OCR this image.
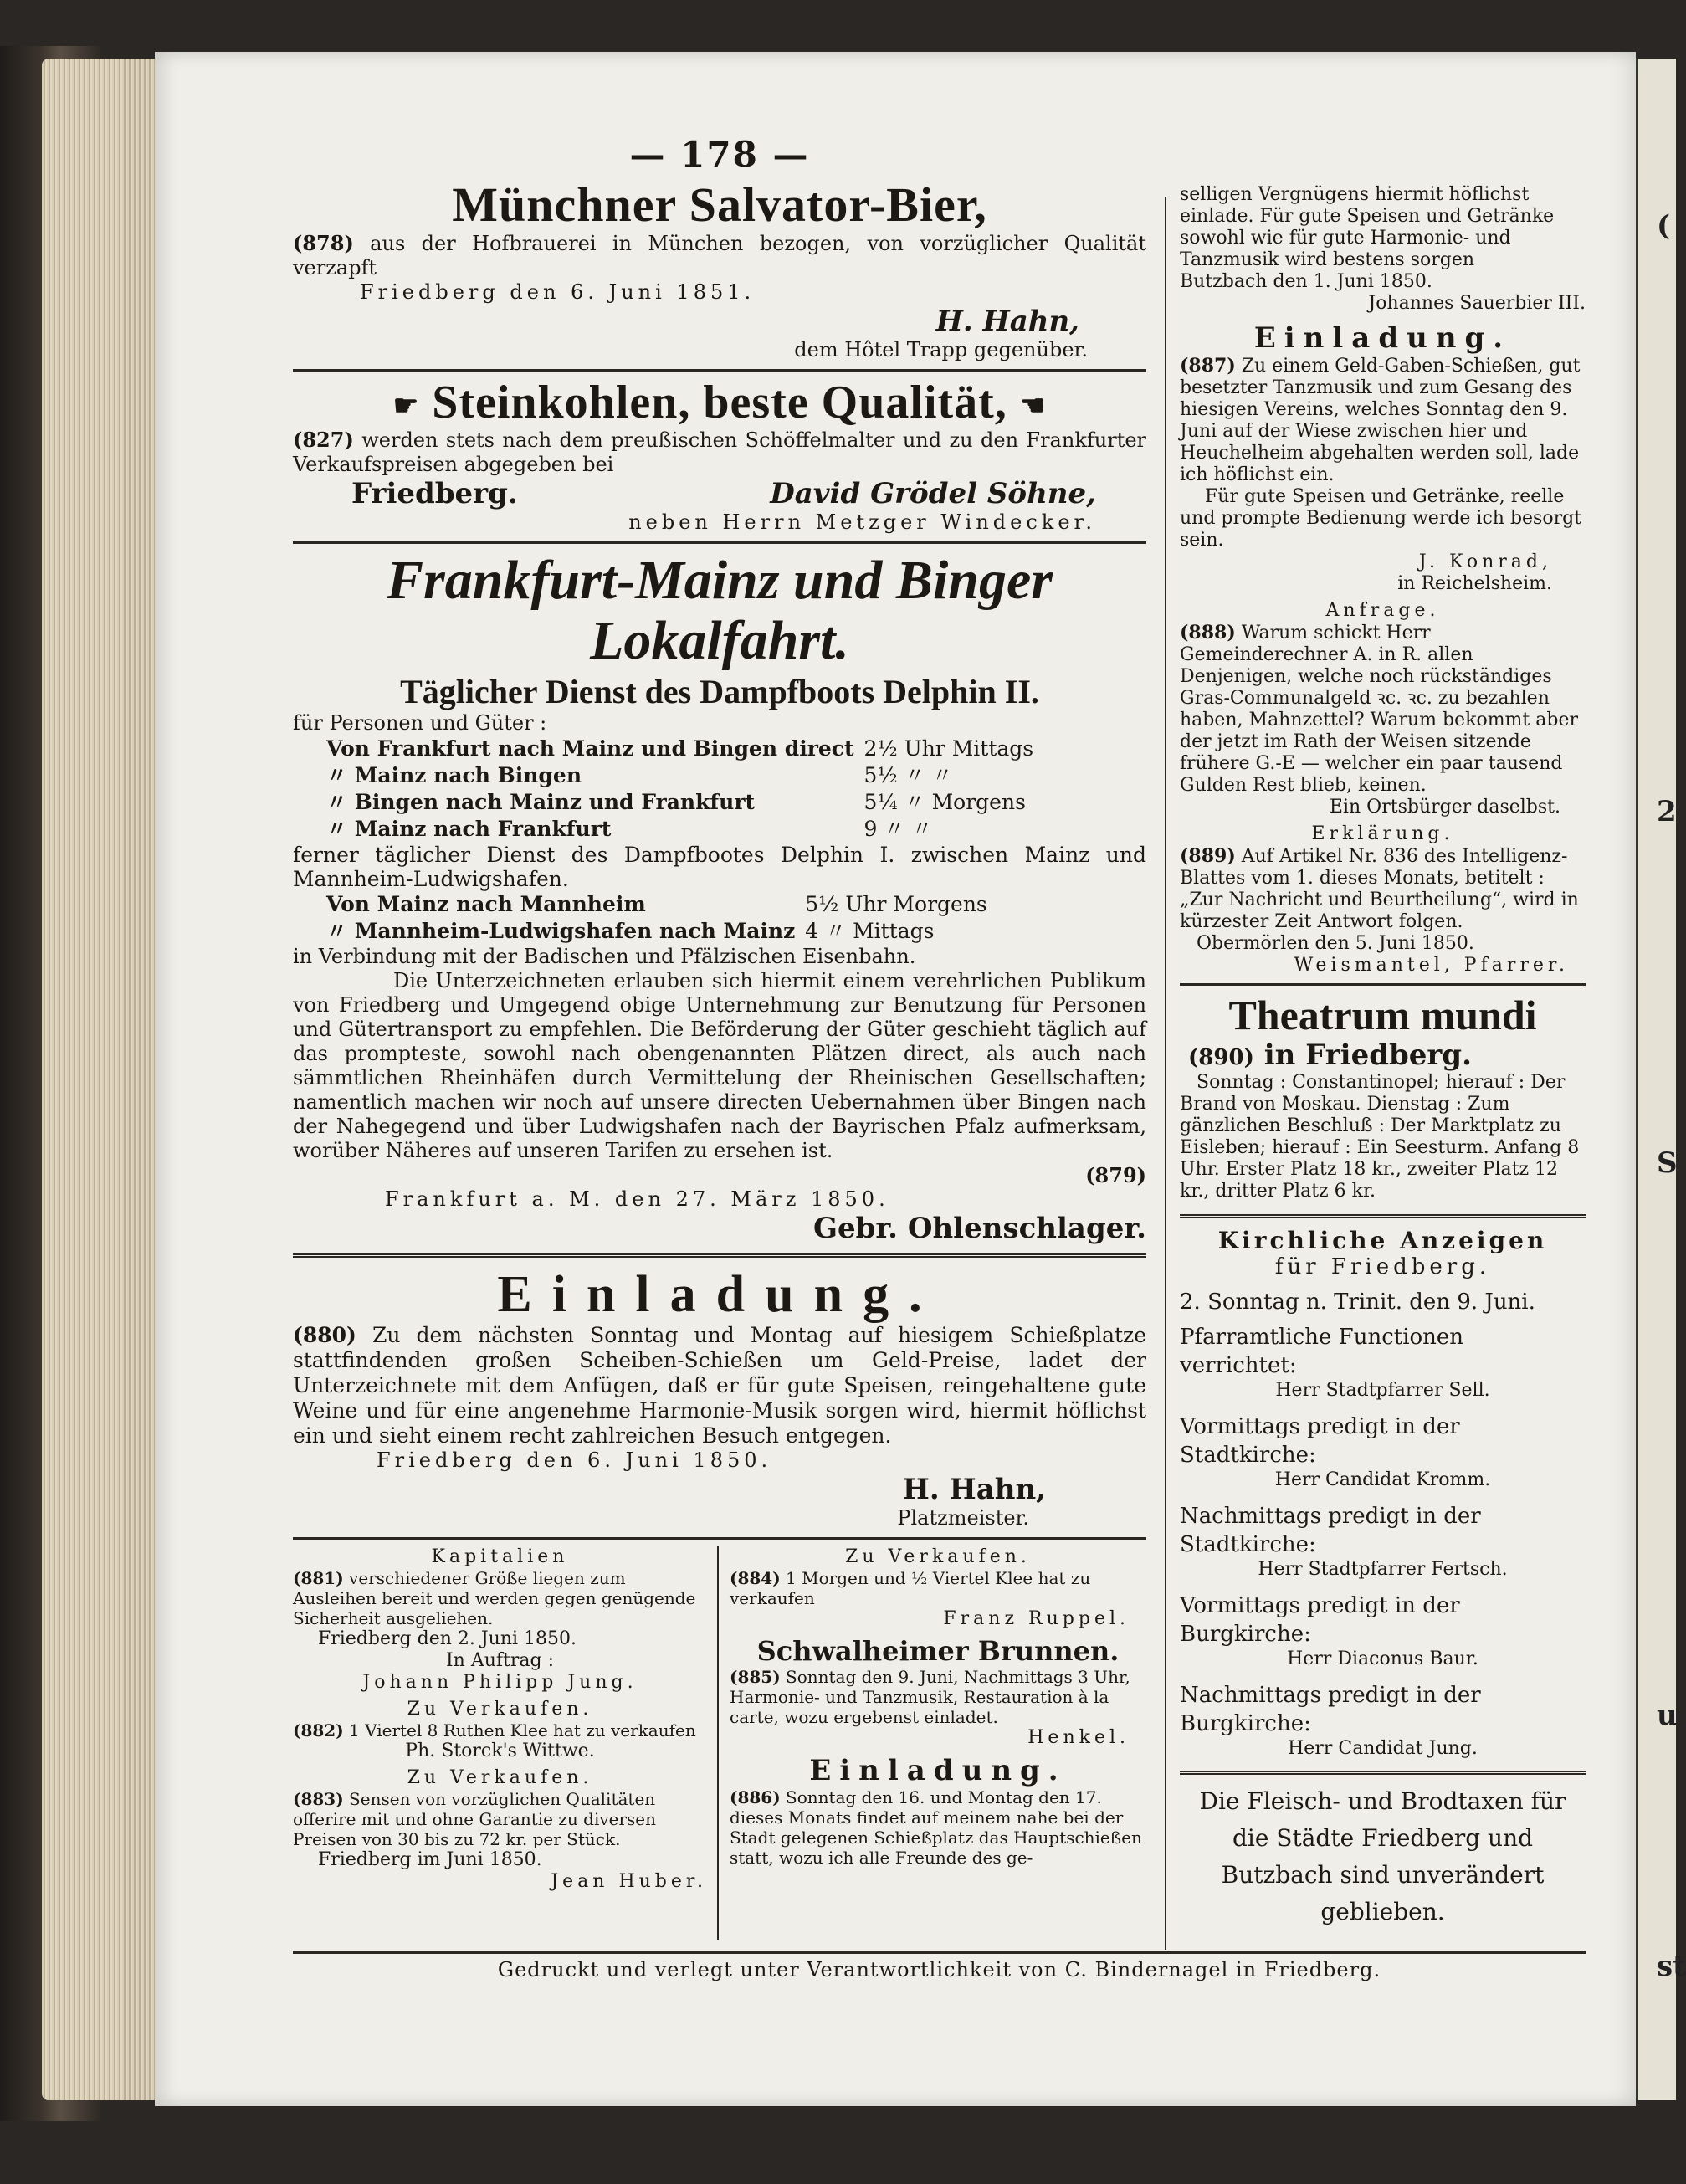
(
2
S
u
st

— 178 —

Münchner Salvator-Bier,

(878) aus der Hofbrauerei in München bezogen, von vorzüglicher Qualität verzapft

Friedberg den 6. Juni 1851.

H. Hahn,

dem Hôtel Trapp gegenüber.

☛ Steinkohlen, beste Qualität, ☚

(827) werden stets nach dem preußischen Schöffelmalter und zu den Frankfurter Verkaufspreisen abgegeben bei

Friedberg.	David Grödel Söhne,

neben Herrn Metzger Windecker.

Frankfurt-Mainz und Binger

Lokalfahrt.

Täglicher Dienst des Dampfboots Delphin II.

für Personen und Güter :

Von Frankfurt nach Mainz und Bingen direct	2½ Uhr Mittags
〃 Mainz nach Bingen	5½ 〃 〃
〃 Bingen nach Mainz und Frankfurt	5¼ 〃 Morgens
〃 Mainz nach Frankfurt	9 〃 〃

ferner täglicher Dienst des Dampfbootes Delphin I. zwischen Mainz und Mannheim-Ludwigshafen.

Von Mainz nach Mannheim	5½ Uhr Morgens
〃 Mannheim-Ludwigshafen nach Mainz	4 〃 Mittags

in Verbindung mit der Badischen und Pfälzischen Eisenbahn.

Die Unterzeichneten erlauben sich hiermit einem verehrlichen Publikum von Friedberg und Umgegend obige Unternehmung zur Benutzung für Personen und Gütertransport zu empfehlen. Die Beförderung der Güter geschieht täglich auf das prompteste, sowohl nach obengenannten Plätzen direct, als auch nach sämmtlichen Rheinhäfen durch Vermittelung der Rheinischen Gesellschaften; namentlich machen wir noch auf unsere directen Uebernahmen über Bingen nach der Nahegegend und über Ludwigshafen nach der Bayrischen Pfalz aufmerksam, worüber Näheres auf unseren Tarifen zu ersehen ist.

(879)

Frankfurt a. M. den 27. März 1850.

Gebr. Ohlenschlager.

Einladung.

(880) Zu dem nächsten Sonntag und Montag auf hiesigem Schießplatze stattfindenden großen Scheiben-Schießen um Geld-Preise, ladet der Unterzeichnete mit dem Anfügen, daß er für gute Speisen, reingehaltene gute Weine und für eine angenehme Harmonie-Musik sorgen wird, hiermit höflichst ein und sieht einem recht zahlreichen Besuch entgegen.

Friedberg den 6. Juni 1850.

H. Hahn,

Platzmeister.

Kapitalien

(881) verschiedener Größe liegen zum Ausleihen bereit und werden gegen genügende Sicherheit ausgeliehen.

Friedberg den 2. Juni 1850.

In Auftrag :

Johann Philipp Jung.

Zu Verkaufen.

(882) 1 Viertel 8 Ruthen Klee hat zu verkaufen

Ph. Storck's Wittwe.

Zu Verkaufen.

(883) Sensen von vorzüglichen Qualitäten offerire mit und ohne Garantie zu diversen Preisen von 30 bis zu 72 kr. per Stück.

Friedberg im Juni 1850.

Jean Huber.

Zu Verkaufen.

(884) 1 Morgen und ½ Viertel Klee hat zu verkaufen

Franz Ruppel.

Schwalheimer Brunnen.

(885) Sonntag den 9. Juni, Nachmittags 3 Uhr, Harmonie- und Tanzmusik, Restauration à la carte, wozu ergebenst einladet.

Henkel.

Einladung.

(886) Sonntag den 16. und Montag den 17. dieses Monats findet auf meinem nahe bei der Stadt gelegenen Schießplatz das Hauptschießen statt, wozu ich alle Freunde des ge-

selligen Vergnügens hiermit höflichst einlade. Für gute Speisen und Getränke sowohl wie für gute Harmonie- und Tanzmusik wird bestens sorgen

Butzbach den 1. Juni 1850.

Johannes Sauerbier III.

Einladung.

(887) Zu einem Geld-Gaben-Schießen, gut besetzter Tanzmusik und zum Gesang des hiesigen Vereins, welches Sonntag den 9. Juni auf der Wiese zwischen hier und Heuchelheim abgehalten werden soll, lade ich höflichst ein.

Für gute Speisen und Getränke, reelle und prompte Bedienung werde ich besorgt sein.

J. Konrad,

in Reichelsheim.

Anfrage.

(888) Warum schickt Herr Gemeinderechner A. in R. allen Denjenigen, welche noch rückständiges Gras-Communalgeld ꝛc. ꝛc. zu bezahlen haben, Mahnzettel? Warum bekommt aber der jetzt im Rath der Weisen sitzende frühere G.-E — welcher ein paar tausend Gulden Rest blieb, keinen.

Ein Ortsbürger daselbst.

Erklärung.

(889) Auf Artikel Nr. 836 des Intelligenz-Blattes vom 1. dieses Monats, betitelt : „Zur Nachricht und Beurtheilung“, wird in kürzester Zeit Antwort folgen.

Obermörlen den 5. Juni 1850.

Weismantel, Pfarrer.

Theatrum mundi

(890) in Friedberg.

Sonntag : Constantinopel; hierauf : Der Brand von Moskau. Dienstag : Zum gänzlichen Beschluß : Der Marktplatz zu Eisleben; hierauf : Ein Seesturm. Anfang 8 Uhr. Erster Platz 18 kr., zweiter Platz 12 kr., dritter Platz 6 kr.

Kirchliche Anzeigen

für Friedberg.

2. Sonntag n. Trinit. den 9. Juni.

Pfarramtliche Functionen verrichtet:

Herr Stadtpfarrer Sell.

Vormittags predigt in der Stadtkirche:

Herr Candidat Kromm.

Nachmittags predigt in der Stadtkirche:

Herr Stadtpfarrer Fertsch.

Vormittags predigt in der Burgkirche:

Herr Diaconus Baur.

Nachmittags predigt in der Burgkirche:

Herr Candidat Jung.

Die Fleisch- und Brodtaxen für die Städte Friedberg und Butzbach sind unverändert geblieben.

Gedruckt und verlegt unter Verantwortlichkeit von C. Bindernagel in Friedberg.
